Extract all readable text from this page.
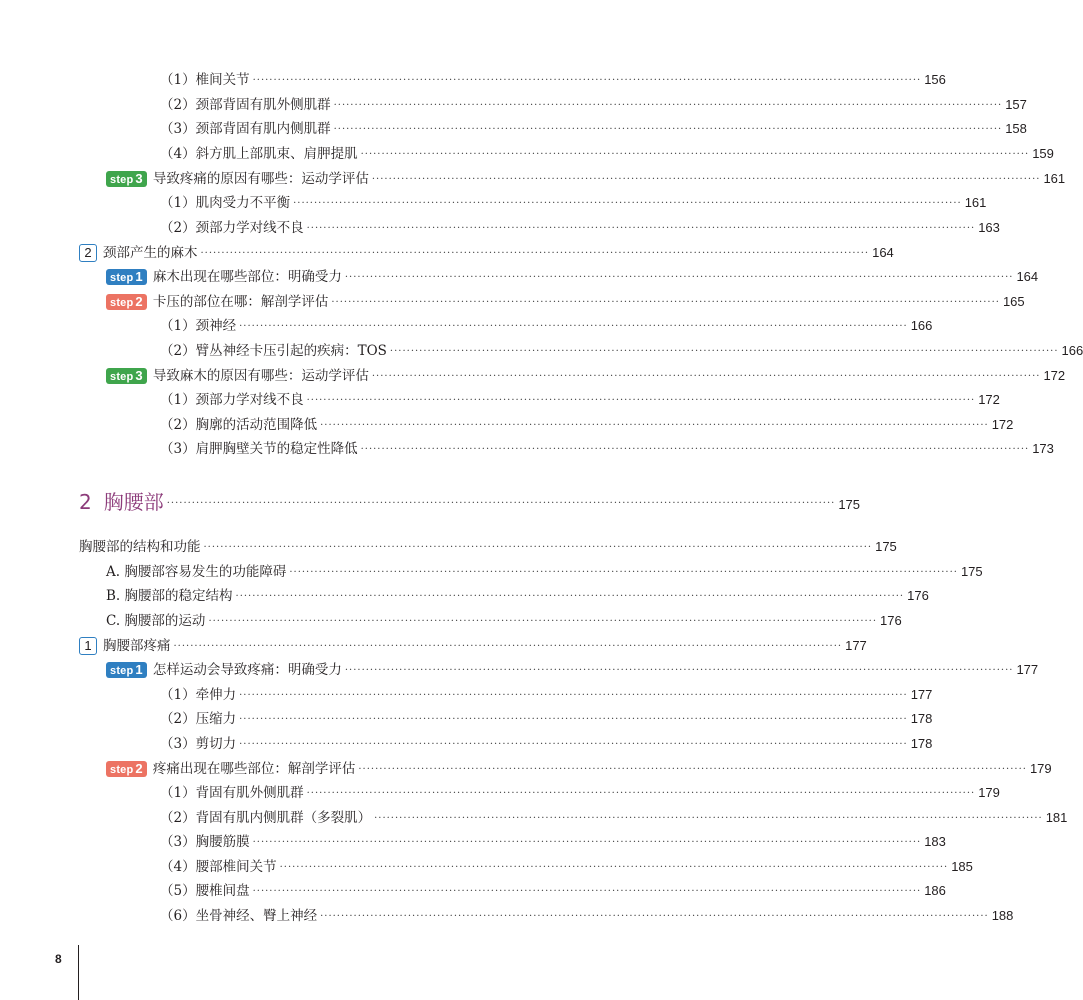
（1）椎间关节 ································································································································································ 156
（2）颈部背固有肌外侧肌群 ································································································································································ 157
（3）颈部背固有肌内侧肌群 ································································································································································ 158
（4）斜方肌上部肌束、肩胛提肌 ································································································································································ 159
step 3 导致疼痛的原因有哪些：运动学评估 ································································································································································ 161
（1）肌肉受力不平衡 ································································································································································ 161
（2）颈部力学对线不良 ································································································································································ 163
2 颈部产生的麻木 ································································································································································ 164
step 1 麻木出现在哪些部位：明确受力 ································································································································································ 164
step 2 卡压的部位在哪：解剖学评估 ································································································································································ 165
（1）颈神经 ································································································································································ 166
（2）臂丛神经卡压引起的疾病：TOS ································································································································································ 166
step 3 导致麻木的原因有哪些：运动学评估 ································································································································································ 172
（1）颈部力学对线不良 ································································································································································ 172
（2）胸廓的活动范围降低 ································································································································································ 172
（3）肩胛胸壁关节的稳定性降低 ································································································································································ 173
2 胸腰部 ································································································································································ 175
胸腰部的结构和功能 ································································································································································ 175
A. 胸腰部容易发生的功能障碍 ································································································································································ 175
B. 胸腰部的稳定结构 ································································································································································ 176
C. 胸腰部的运动 ································································································································································ 176
1 胸腰部疼痛 ································································································································································ 177
step 1 怎样运动会导致疼痛：明确受力 ································································································································································ 177
（1）牵伸力 ································································································································································ 177
（2）压缩力 ································································································································································ 178
（3）剪切力 ································································································································································ 178
step 2 疼痛出现在哪些部位：解剖学评估 ································································································································································ 179
（1）背固有肌外侧肌群 ································································································································································ 179
（2）背固有肌内侧肌群（多裂肌） ································································································································································ 181
（3）胸腰筋膜 ································································································································································ 183
（4）腰部椎间关节 ································································································································································ 185
（5）腰椎间盘 ································································································································································ 186
（6）坐骨神经、臀上神经 ································································································································································ 188
8
